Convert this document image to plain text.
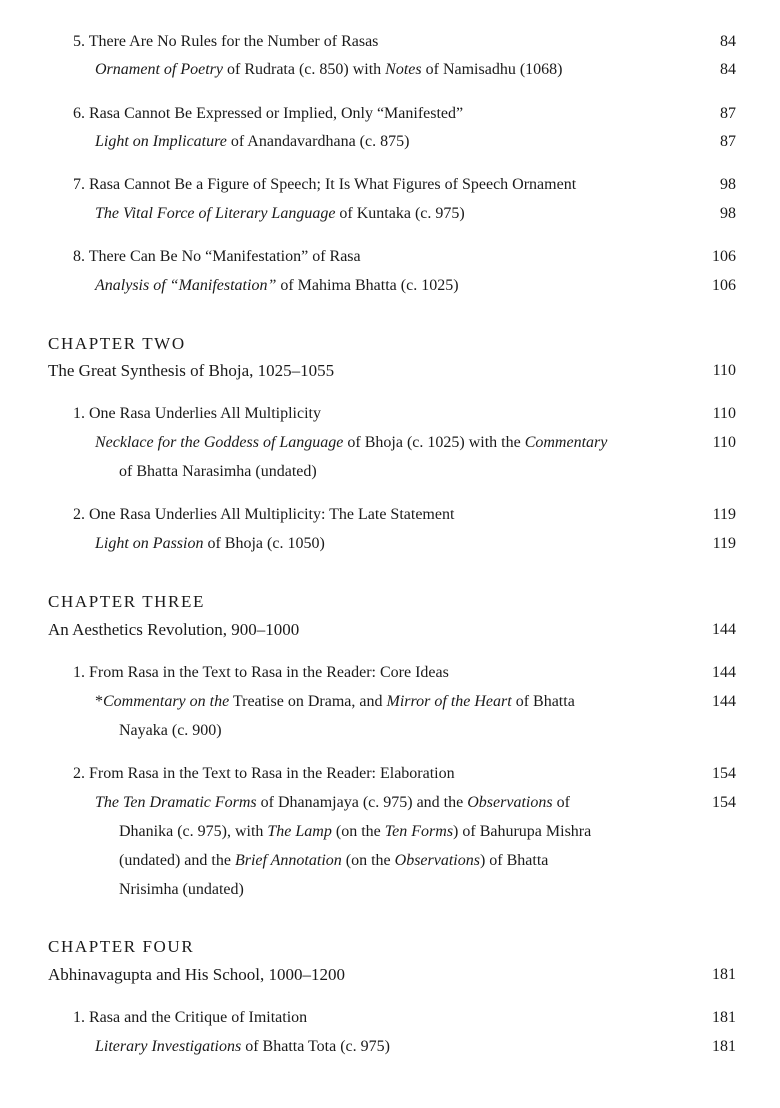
5. There Are No Rules for the Number of Rasas	84
Ornament of Poetry of Rudrata (c. 850) with Notes of Namisadhu (1068)	84
6. Rasa Cannot Be Expressed or Implied, Only “Manifested”	87
Light on Implicature of Anandavardhana (c. 875)	87
7. Rasa Cannot Be a Figure of Speech; It Is What Figures of Speech Ornament	98
The Vital Force of Literary Language of Kuntaka (c. 975)	98
8. There Can Be No “Manifestation” of Rasa	106
Analysis of “Manifestation” of Mahima Bhatta (c. 1025)	106
CHAPTER TWO
The Great Synthesis of Bhoja, 1025–1055	110
1. One Rasa Underlies All Multiplicity	110
Necklace for the Goddess of Language of Bhoja (c. 1025) with the Commentary	110
of Bhatta Narasimha (undated)
2. One Rasa Underlies All Multiplicity: The Late Statement	119
Light on Passion of Bhoja (c. 1050)	119
CHAPTER THREE
An Aesthetics Revolution, 900–1000	144
1. From Rasa in the Text to Rasa in the Reader: Core Ideas	144
*Commentary on the Treatise on Drama, and Mirror of the Heart of Bhatta	144
Nayaka (c. 900)
2. From Rasa in the Text to Rasa in the Reader: Elaboration	154
The Ten Dramatic Forms of Dhanamjaya (c. 975) and the Observations of	154
Dhanika (c. 975), with The Lamp (on the Ten Forms) of Bahurupa Mishra
(undated) and the Brief Annotation (on the Observations) of Bhatta
Nrisimha (undated)
CHAPTER FOUR
Abhinavagupta and His School, 1000–1200	181
1. Rasa and the Critique of Imitation	181
Literary Investigations of Bhatta Tota (c. 975)	181
